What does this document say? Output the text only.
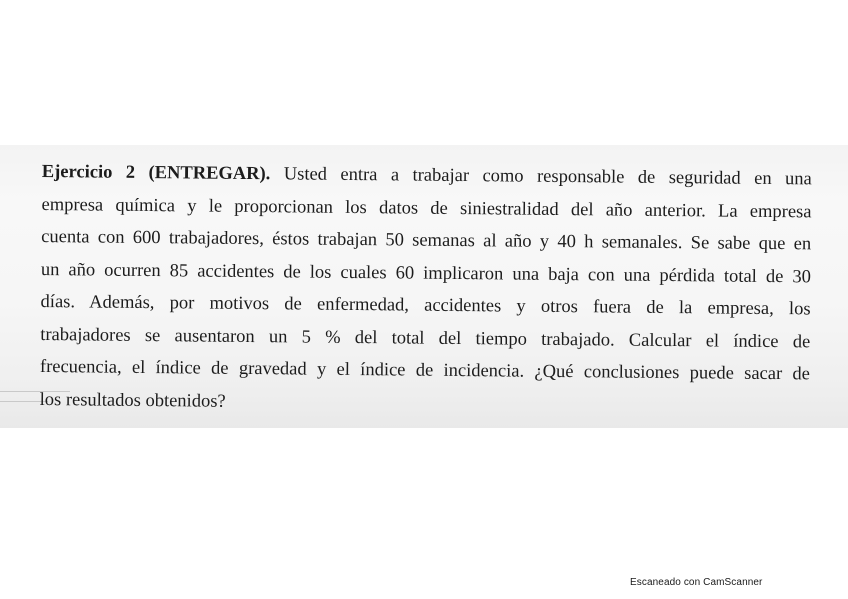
Ejercicio 2 (ENTREGAR). Usted entra a trabajar como responsable de seguridad en una
empresa química y le proporcionan los datos de siniestralidad del año anterior. La empresa
cuenta con 600 trabajadores, éstos trabajan 50 semanas al año y 40 h semanales. Se sabe que en
un año ocurren 85 accidentes de los cuales 60 implicaron una baja con una pérdida total de 30
días. Además, por motivos de enfermedad, accidentes y otros fuera de la empresa, los
trabajadores se ausentaron un 5 % del total del tiempo trabajado. Calcular el índice de
frecuencia, el índice de gravedad y el índice de incidencia. ¿Qué conclusiones puede sacar de
los resultados obtenidos?
Escaneado con CamScanner
